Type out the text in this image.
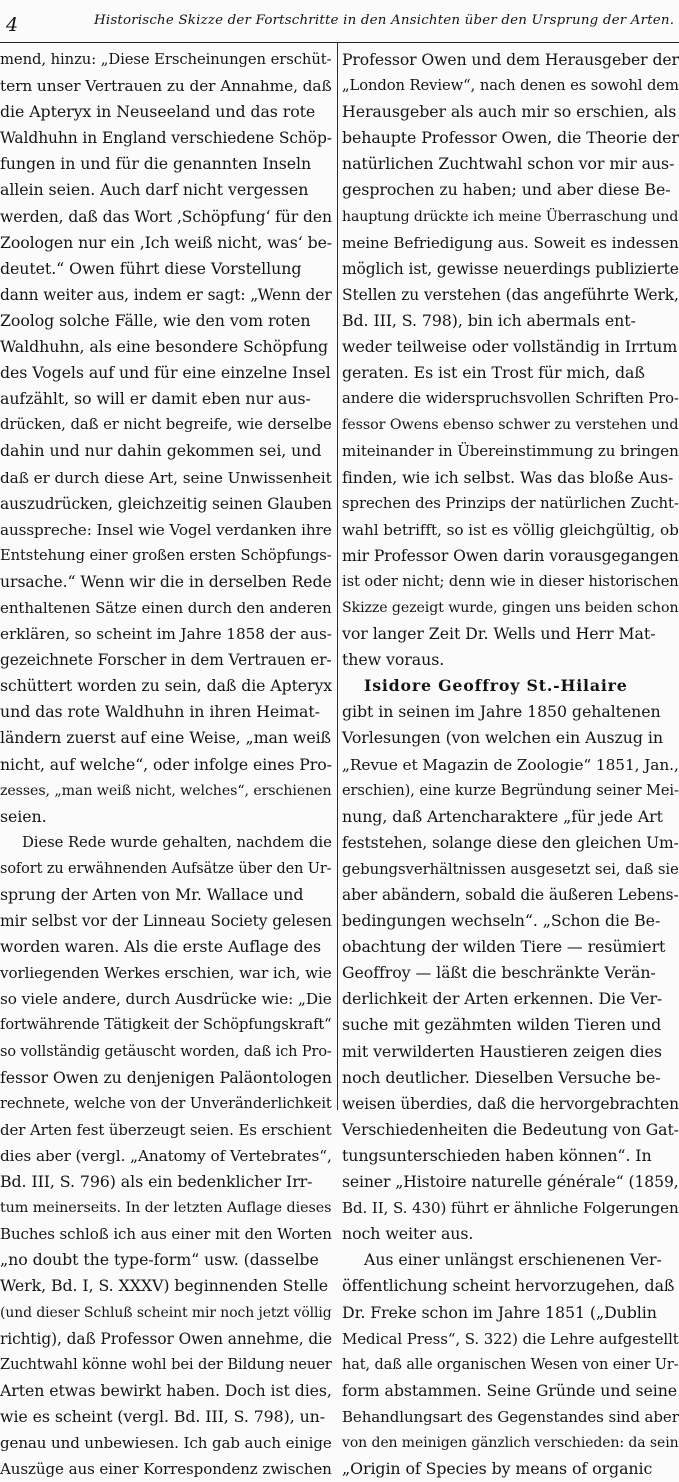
4	Historische Skizze der Fortschritte in den Ansichten über den Ursprung der Arten.
mend, hinzu: „Diese Erscheinungen erschüt-
tern unser Vertrauen zu der Annahme, daß
die Apteryx in Neuseeland und das rote
Waldhuhn in England verschiedene Schöp-
fungen in und für die genannten Inseln
allein seien. Auch darf nicht vergessen
werden, daß das Wort ‚Schöpfung‘ für den
Zoologen nur ein ‚Ich weiß nicht, was‘ be-
deutet.“ Owen führt diese Vorstellung
dann weiter aus, indem er sagt: „Wenn der
Zoolog solche Fälle, wie den vom roten
Waldhuhn, als eine besondere Schöpfung
des Vogels auf und für eine einzelne Insel
aufzählt, so will er damit eben nur aus-
drücken, daß er nicht begreife, wie derselbe
dahin und nur dahin gekommen sei, und
daß er durch diese Art, seine Unwissenheit
auszudrücken, gleichzeitig seinen Glauben
ausspreche: Insel wie Vogel verdanken ihre
Entstehung einer großen ersten Schöpfungs-
ursache.“ Wenn wir die in derselben Rede
enthaltenen Sätze einen durch den anderen
erklären, so scheint im Jahre 1858 der aus-
gezeichnete Forscher in dem Vertrauen er-
schüttert worden zu sein, daß die Apteryx
und das rote Waldhuhn in ihren Heimat-
ländern zuerst auf eine Weise, „man weiß
nicht, auf welche“, oder infolge eines Pro-
zesses, „man weiß nicht, welches“, erschienen
seien.
Diese Rede wurde gehalten, nachdem die
sofort zu erwähnenden Aufsätze über den Ur-
sprung der Arten von Mr. Wallace und
mir selbst vor der Linneau Society gelesen
worden waren. Als die erste Auflage des
vorliegenden Werkes erschien, war ich, wie
so viele andere, durch Ausdrücke wie: „Die
fortwährende Tätigkeit der Schöpfungskraft“
so vollständig getäuscht worden, daß ich Pro-
fessor Owen zu denjenigen Paläontologen
rechnete, welche von der Unveränderlichkeit
der Arten fest überzeugt seien. Es erschient
dies aber (vergl. „Anatomy of Vertebrates“,
Bd. III, S. 796) als ein bedenklicher Irr-
tum meinerseits. In der letzten Auflage dieses
Buches schloß ich aus einer mit den Worten
„no doubt the type-form“ usw. (dasselbe
Werk, Bd. I, S. XXXV) beginnenden Stelle
(und dieser Schluß scheint mir noch jetzt völlig
richtig), daß Professor Owen annehme, die
Zuchtwahl könne wohl bei der Bildung neuer
Arten etwas bewirkt haben. Doch ist dies,
wie es scheint (vergl. Bd. III, S. 798), un-
genau und unbewiesen. Ich gab auch einige
Auszüge aus einer Korrespondenz zwischen
Professor Owen und dem Herausgeber der
„London Review“, nach denen es sowohl dem
Herausgeber als auch mir so erschien, als
behaupte Professor Owen, die Theorie der
natürlichen Zuchtwahl schon vor mir aus-
gesprochen zu haben; und aber diese Be-
hauptung drückte ich meine Überraschung und
meine Befriedigung aus. Soweit es indessen
möglich ist, gewisse neuerdings publizierte
Stellen zu verstehen (das angeführte Werk,
Bd. III, S. 798), bin ich abermals ent-
weder teilweise oder vollständig in Irrtum
geraten. Es ist ein Trost für mich, daß
andere die widerspruchsvollen Schriften Pro-
fessor Owens ebenso schwer zu verstehen und
miteinander in Übereinstimmung zu bringen
finden, wie ich selbst. Was das bloße Aus-
sprechen des Prinzips der natürlichen Zucht-
wahl betrifft, so ist es völlig gleichgültig, ob
mir Professor Owen darin vorausgegangen
ist oder nicht; denn wie in dieser historischen
Skizze gezeigt wurde, gingen uns beiden schon
vor langer Zeit Dr. Wells und Herr Mat-
thew voraus.
Isidore Geoffroy St.-Hilaire
gibt in seinen im Jahre 1850 gehaltenen
Vorlesungen (von welchen ein Auszug in
„Revue et Magazin de Zoologie“ 1851, Jan.,
erschien), eine kurze Begründung seiner Mei-
nung, daß Artencharaktere „für jede Art
feststehen, solange diese den gleichen Um-
gebungsverhältnissen ausgesetzt sei, daß sie
aber abändern, sobald die äußeren Lebens-
bedingungen wechseln“. „Schon die Be-
obachtung der wilden Tiere — resümiert
Geoffroy — läßt die beschränkte Verän-
derlichkeit der Arten erkennen. Die Ver-
suche mit gezähmten wilden Tieren und
mit verwilderten Haustieren zeigen dies
noch deutlicher. Dieselben Versuche be-
weisen überdies, daß die hervorgebrachten
Verschiedenheiten die Bedeutung von Gat-
tungsunterschieden haben können“. In
seiner „Histoire naturelle générale“ (1859,
Bd. II, S. 430) führt er ähnliche Folgerungen
noch weiter aus.
Aus einer unlängst erschienenen Ver-
öffentlichung scheint hervorzugehen, daß
Dr. Freke schon im Jahre 1851 („Dublin
Medical Press“, S. 322) die Lehre aufgestellt
hat, daß alle organischen Wesen von einer Ur-
form abstammen. Seine Gründe und seine
Behandlungsart des Gegenstandes sind aber
von den meinigen gänzlich verschieden: da sein
„Origin of Species by means of organic
